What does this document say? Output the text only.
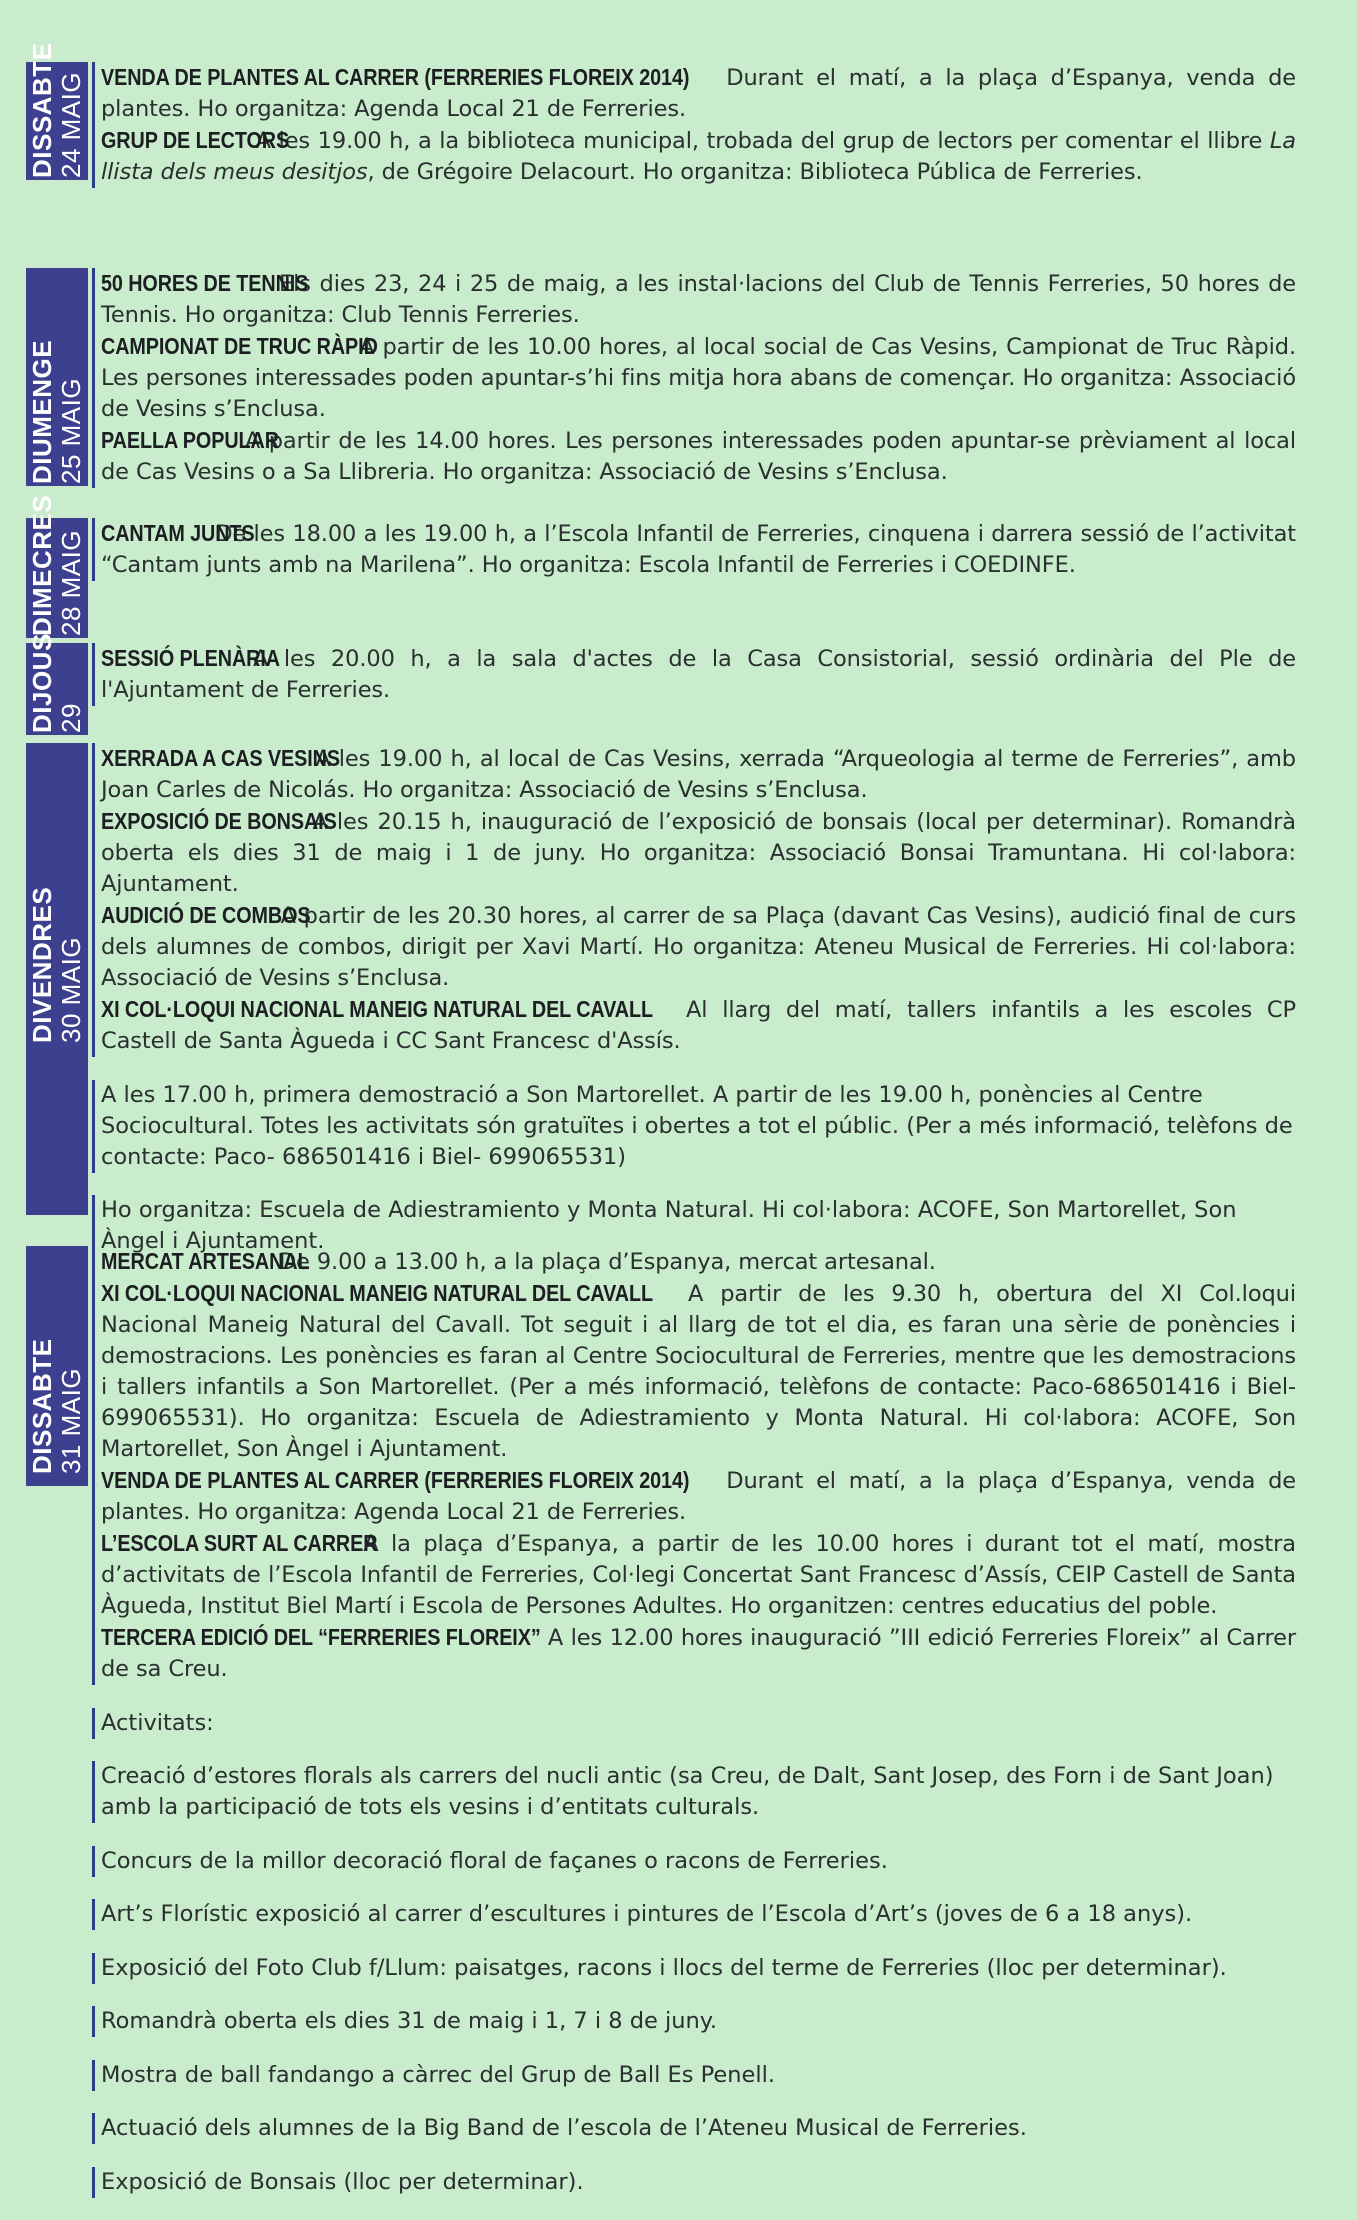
DISSABTE 24 MAIG VENDA DE PLANTES AL CARRER (FERRERIES FLOREIX 2014) Durant el matí, a la plaça d’Espanya, venda de plantes. Ho organitza: Agenda Local 21 de Ferreries.

GRUP DE LECTORS A les 19.00 h, a la biblioteca municipal, trobada del grup de lectors per comentar el llibre La llista dels meus desitjos, de Grégoire Delacourt. Ho organitza: Biblioteca Pública de Ferreries.

DIUMENGE 25 MAIG

50 HORES DE TENNIS Els dies 23, 24 i 25 de maig, a les instal·lacions del Club de Tennis Ferreries, 50 hores de Tennis. Ho organitza: Club Tennis Ferreries.

CAMPIONAT DE TRUC RÀPID A partir de les 10.00 hores, al local social de Cas Vesins, Campionat de Truc Ràpid. Les persones interessades poden apuntar-s’hi fins mitja hora abans de començar. Ho organitza: Associació de Vesins s’Enclusa.

PAELLA POPULAR A partir de les 14.00 hores. Les persones interessades poden apuntar-se prèviament al local de Cas Vesins o a Sa Llibreria. Ho organitza: Associació de Vesins s’Enclusa.

DIMECRES 28 MAIG CANTAM JUNTS De les 18.00 a les 19.00 h, a l’Escola Infantil de Ferreries, cinquena i darrera sessió de l’activitat “Cantam junts amb na Marilena”. Ho organitza: Escola Infantil de Ferreries i COEDINFE.

DIJOUS 29

SESSIÓ PLENÀRIA A les 20.00 h, a la sala d'actes de la Casa Consistorial, sessió ordinària del Ple de l'Ajuntament de Ferreries.

DIVENDRES 30 MAIG

XERRADA A CAS VESINS A les 19.00 h, al local de Cas Vesins, xerrada “Arqueologia al terme de Ferreries”, amb Joan Carles de Nicolás. Ho organitza: Associació de Vesins s’Enclusa.

EXPOSICIÓ DE BONSAIS A les 20.15 h, inauguració de l’exposició de bonsais (local per determinar). Romandrà oberta els dies 31 de maig i 1 de juny. Ho organitza: Associació Bonsai Tramuntana. Hi col·labora: Ajuntament.

AUDICIÓ DE COMBOS A partir de les 20.30 hores, al carrer de sa Plaça (davant Cas Vesins), audició final de curs dels alumnes de combos, dirigit per Xavi Martí. Ho organitza: Ateneu Musical de Ferreries. Hi col·labora: Associació de Vesins s’Enclusa.

XI COL·LOQUI NACIONAL MANEIG NATURAL DEL CAVALL Al llarg del matí, tallers infantils a les escoles CP Castell de Santa Àgueda i CC Sant Francesc d'Assís.

A les 17.00 h, primera demostració a Son Martorellet. A partir de les 19.00 h, ponències al Centre Sociocultural. Totes les activitats són gratuïtes i obertes a tot el públic. (Per a més informació, telèfons de contacte: Paco- 686501416 i Biel- 699065531)

Ho organitza: Escuela de Adiestramiento y Monta Natural. Hi col·labora: ACOFE, Son Martorellet, Son Àngel i Ajuntament.

DISSABTE 31 MAIG

MERCAT ARTESANAL De 9.00 a 13.00 h, a la plaça d’Espanya, mercat artesanal.

XI COL·LOQUI NACIONAL MANEIG NATURAL DEL CAVALL A partir de les 9.30 h, obertura del XI Col.loqui Nacional Maneig Natural del Cavall. Tot seguit i al llarg de tot el dia, es faran una sèrie de ponències i demostracions. Les ponències es faran al Centre Sociocultural de Ferreries, mentre que les demostracions i tallers infantils a Son Martorellet. (Per a més informació, telèfons de contacte: Paco-686501416 i Biel- 699065531). Ho organitza: Escuela de Adiestramiento y Monta Natural. Hi col·labora: ACOFE, Son Martorellet, Son Àngel i Ajuntament.

VENDA DE PLANTES AL CARRER (FERRERIES FLOREIX 2014) Durant el matí, a la plaça d’Espanya, venda de plantes. Ho organitza: Agenda Local 21 de Ferreries.

L’ESCOLA SURT AL CARRER A la plaça d’Espanya, a partir de les 10.00 hores i durant tot el matí, mostra d’activitats de l’Escola Infantil de Ferreries, Col·legi Concertat Sant Francesc d’Assís, CEIP Castell de Santa Àgueda, Institut Biel Martí i Escola de Persones Adultes. Ho organitzen: centres educatius del poble.

TERCERA EDICIÓ DEL “FERRERIES FLOREIX” A les 12.00 hores inauguració ”III edició Ferreries Floreix” al Carrer de sa Creu.

Activitats:

Creació d’estores florals als carrers del nucli antic (sa Creu, de Dalt, Sant Josep, des Forn i de Sant Joan) amb la participació de tots els vesins i d’entitats culturals.

Concurs de la millor decoració floral de façanes o racons de Ferreries.

Art’s Florístic exposició al carrer d’escultures i pintures de l’Escola d’Art’s (joves de 6 a 18 anys).

Exposició del Foto Club f/Llum: paisatges, racons i llocs del terme de Ferreries (lloc per determinar).

Romandrà oberta els dies 31 de maig i 1, 7 i 8 de juny.

Mostra de ball fandango a càrrec del Grup de Ball Es Penell.

Actuació dels alumnes de la Big Band de l’escola de l’Ateneu Musical de Ferreries.

Exposició de Bonsais (lloc per determinar).
